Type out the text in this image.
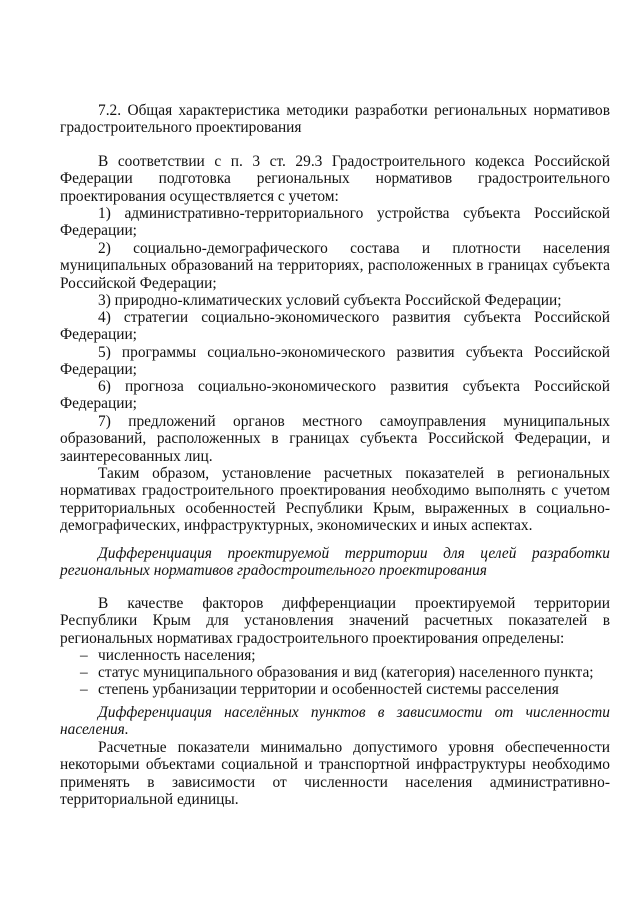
7.2. Общая характеристика методики разработки региональных нормативов градостроительного проектирования

В соответствии с п. 3 ст. 29.3 Градостроительного кодекса Российской Федерации подготовка региональных нормативов градостроительного проектирования осуществляется с учетом:

1) административно-территориального устройства субъекта Российской Федерации;

2) социально-демографического состава и плотности населения муниципальных образований на территориях, расположенных в границах субъекта Российской Федерации;

3) природно-климатических условий субъекта Российской Федерации;

4) стратегии социально-экономического развития субъекта Российской Федерации;

5) программы социально-экономического развития субъекта Российской Федерации;

6) прогноза социально-экономического развития субъекта Российской Федерации;

7) предложений органов местного самоуправления муниципальных образований, расположенных в границах субъекта Российской Федерации, и заинтересованных лиц.

Таким образом, установление расчетных показателей в региональных нормативах градостроительного проектирования необходимо выполнять с учетом территориальных особенностей Республики Крым, выраженных в социально-демографических, инфраструктурных, экономических и иных аспектах.

Дифференциация проектируемой территории для целей разработки региональных нормативов градостроительного проектирования

В качестве факторов дифференциации проектируемой территории Республики Крым для установления значений расчетных показателей в региональных нормативах градостроительного проектирования определены:

– численность населения;
– статус муниципального образования и вид (категория) населенного пункта;
– степень урбанизации территории и особенностей системы расселения

Дифференциация населённых пунктов в зависимости от численности населения.

Расчетные показатели минимально допустимого уровня обеспеченности некоторыми объектами социальной и транспортной инфраструктуры необходимо применять в зависимости от численности населения административно-территориальной единицы.
